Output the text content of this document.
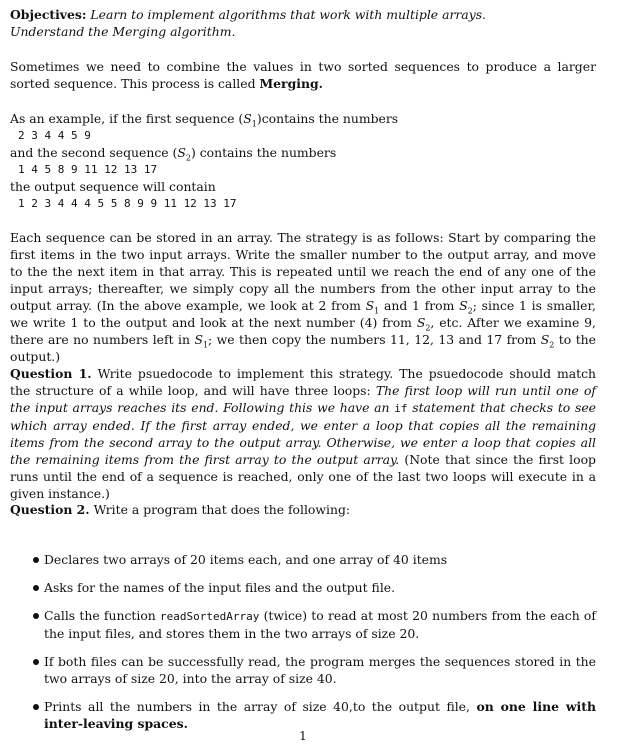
Objectives: Learn to implement algorithms that work with multiple arrays.
Understand the Merging algorithm.

Sometimes we need to combine the values in two sorted sequences to produce a larger sorted sequence. This process is called Merging.

As an example, if the first sequence $(S_1)contains$ the numbers
2 3 4 4 5 9
and the second sequence $(S_2)$ contains the numbers
1 4 5 8 9 11 12 13 17
the output sequence will contain
1 2 3 4 4 4 5 5 8 9 9 11 12 13 17

Each sequence can be stored in an array. The strategy is as follows: Start by comparing the first items in the two input arrays. Write the smaller number to the output array, and move to the the next item in that array. This is repeated until we reach the end of any one of the input arrays; thereafter, we simply copy all the numbers from the other input array to the output array. (In the above example, we look at 2 from $S_1$ and 1 from $S_2$; since 1 is smaller, we write 1 to the output and look at the next number (4) from $S_2$, etc. After we examine 9, there are no numbers left in $S_1$; we then copy the numbers 11, 12, 13 and 17 from $S_2$ to the output.)

Question 1. Write psuedocode to implement this strategy. The psuedocode should match the structure of a while loop, and will have three loops: The first loop will run until one of the input arrays reaches its end. Following this we have an if statement that checks to see which array ended. If the first array ended, we enter a loop that copies all the remaining items from the second array to the output array. Otherwise, we enter a loop that copies all the remaining items from the first array to the output array. (Note that since the first loop runs until the end of a sequence is reached, only one of the last two loops will execute in a given instance.)

Question 2. Write a program that does the following:

Declares two arrays of 20 items each, and one array of 40 items
Asks for the names of the input files and the output file.
Calls the function readSortedArray (twice) to read at most 20 numbers from the each of the input files, and stores them in the two arrays of size 20.
If both files can be successfully read, the program merges the sequences stored in the two arrays of size 20, into the array of size 40.
Prints all the numbers in the array of size 40,to the output file, on one line with inter-leaving spaces.
1
